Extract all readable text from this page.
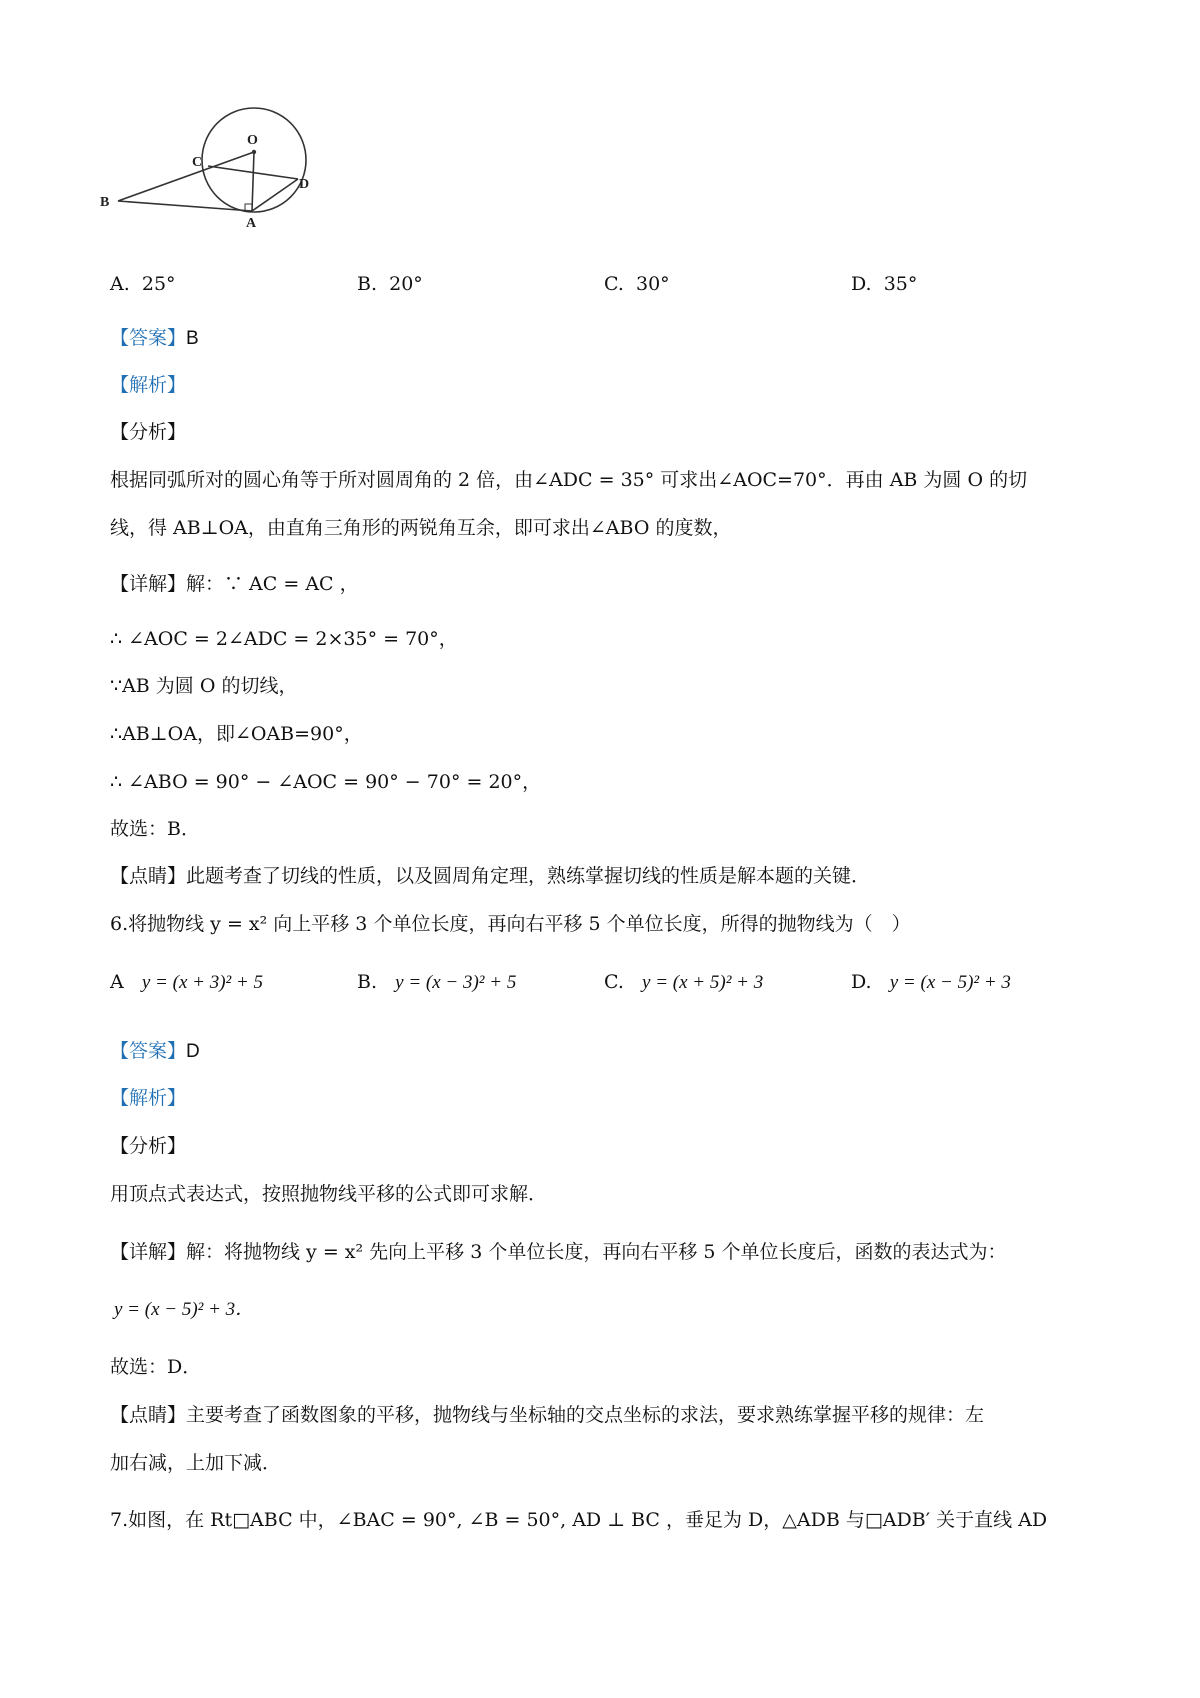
O
C
D
B
A
A. 25°	B. 20°	C. 30°	D. 35°
【答案】B
【解析】
【分析】
根据同弧所对的圆心角等于所对圆周角的 2 倍，由∠ADC = 35° 可求出∠AOC=70°．再由 AB 为圆 O 的切
线，得 AB⊥OA，由直角三角形的两锐角互余，即可求出∠ABO 的度数，
【详解】解：∵ AC = AC ，
∴ ∠AOC = 2∠ADC = 2×35° = 70°，
∵AB 为圆 O 的切线，
∴AB⊥OA，即∠OAB=90°，
∴ ∠ABO = 90° − ∠AOC = 90° − 70° = 20°，
故选：B．
【点睛】此题考查了切线的性质，以及圆周角定理，熟练掌握切线的性质是解本题的关键．
6.将抛物线 y = x² 向上平移 3 个单位长度，再向右平移 5 个单位长度，所得的抛物线为（　）
A y = (x + 3)² + 5	B. y = (x − 3)² + 5	C. y = (x + 5)² + 3	D. y = (x − 5)² + 3
【答案】D
【解析】
【分析】
用顶点式表达式，按照抛物线平移的公式即可求解．
【详解】解：将抛物线 y = x² 先向上平移 3 个单位长度，再向右平移 5 个单位长度后，函数的表达式为：
y = (x − 5)² + 3．
故选：D．
【点睛】主要考查了函数图象的平移，抛物线与坐标轴的交点坐标的求法，要求熟练掌握平移的规律：左
加右减，上加下减．
7.如图，在 Rt□ABC 中，∠BAC = 90°, ∠B = 50°, AD ⊥ BC ，垂足为 D，△ADB 与□ADB′ 关于直线 AD
